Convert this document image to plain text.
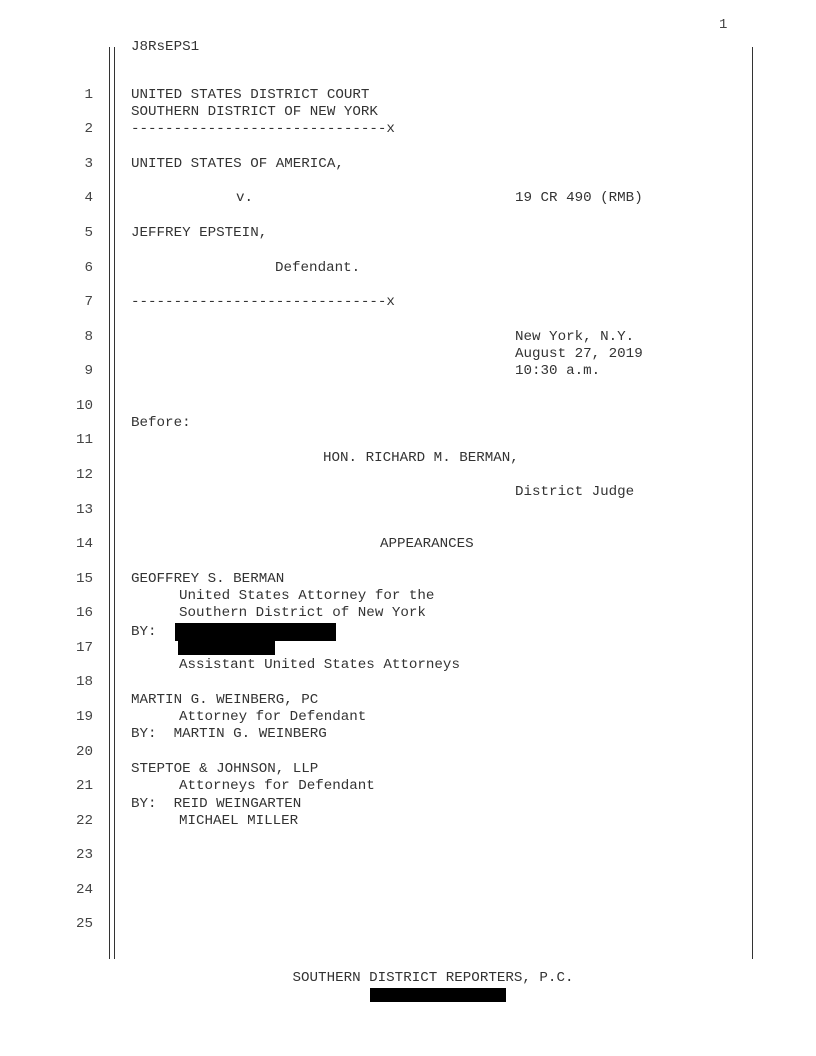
1
J8RsEPS1
1
2
3
4
5
6
7
8
9
10
11
12
13
14
15
16
17
18
19
20
21
22
23
24
25
UNITED STATES DISTRICT COURT
SOUTHERN DISTRICT OF NEW YORK
------------------------------x
UNITED STATES OF AMERICA,
v.	19 CR 490 (RMB)
JEFFREY EPSTEIN,
Defendant.
------------------------------x
New York, N.Y.
August 27, 2019
10:30 a.m.
Before:
HON. RICHARD M. BERMAN,
District Judge
APPEARANCES
GEOFFREY S. BERMAN
United States Attorney for the
Southern District of New York
BY:
Assistant United States Attorneys
MARTIN G. WEINBERG, PC
Attorney for Defendant
BY:  MARTIN G. WEINBERG
STEPTOE & JOHNSON, LLP
Attorneys for Defendant
BY:  REID WEINGARTEN
MICHAEL MILLER
SOUTHERN DISTRICT REPORTERS, P.C.
